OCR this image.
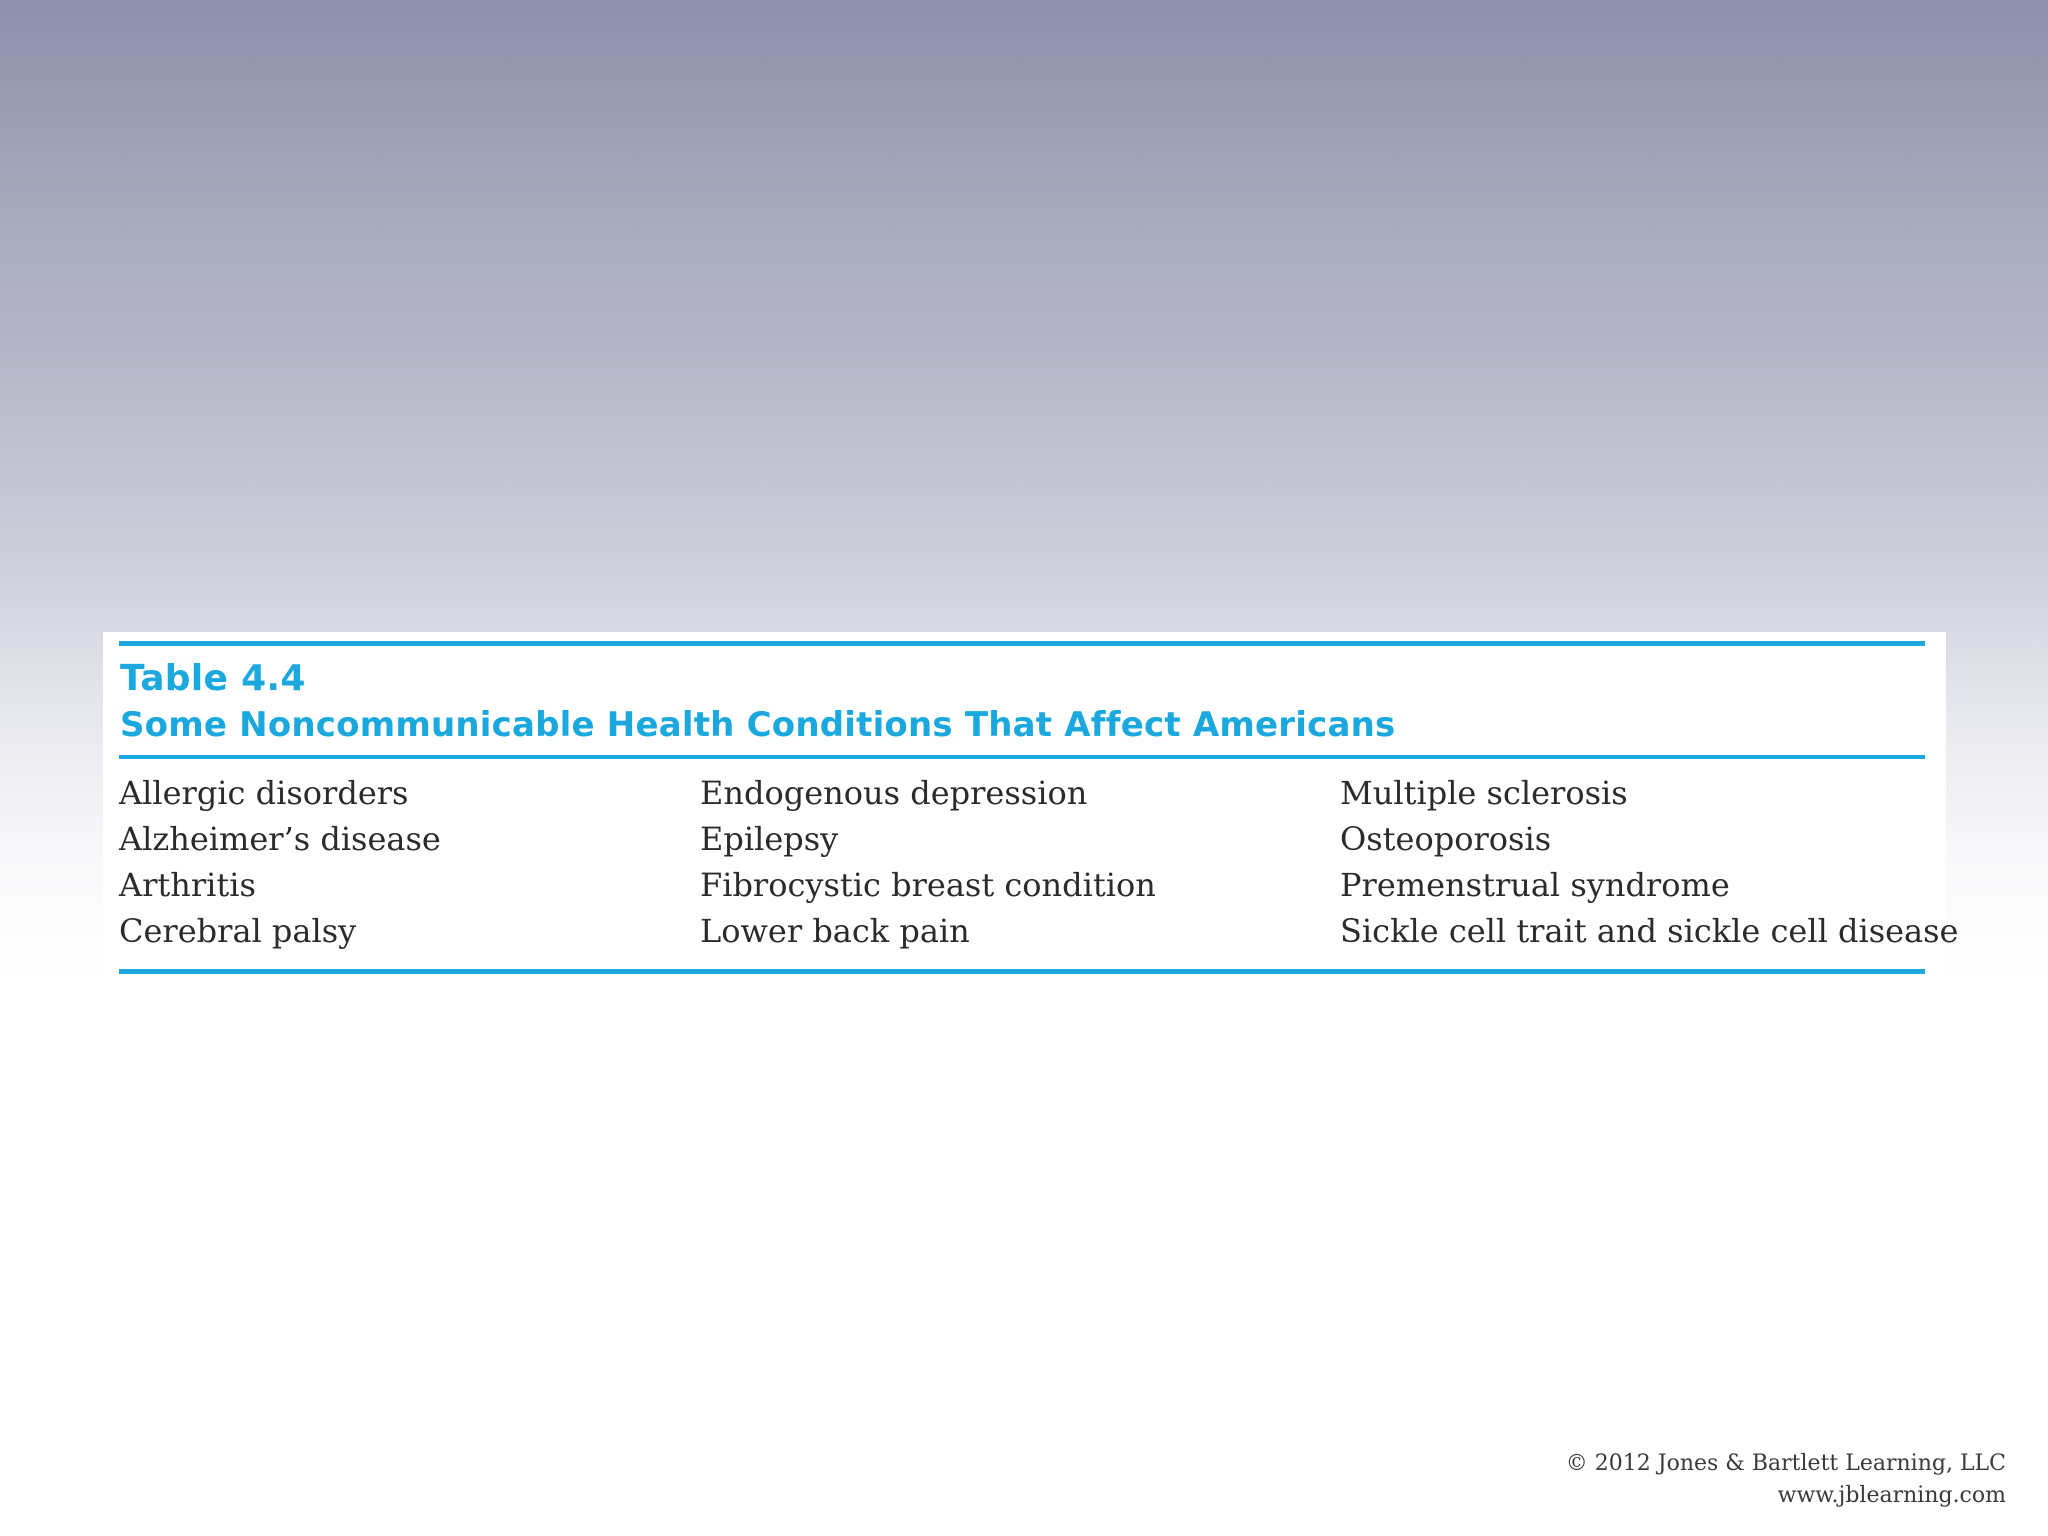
Table 4.4
Some Noncommunicable Health Conditions That Affect Americans
Allergic disorders
Alzheimer’s disease
Arthritis
Cerebral palsy
Endogenous depression
Epilepsy
Fibrocystic breast condition
Lower back pain
Multiple sclerosis
Osteoporosis
Premenstrual syndrome
Sickle cell trait and sickle cell disease
© 2012 Jones & Bartlett Learning, LLC
www.jblearning.com
